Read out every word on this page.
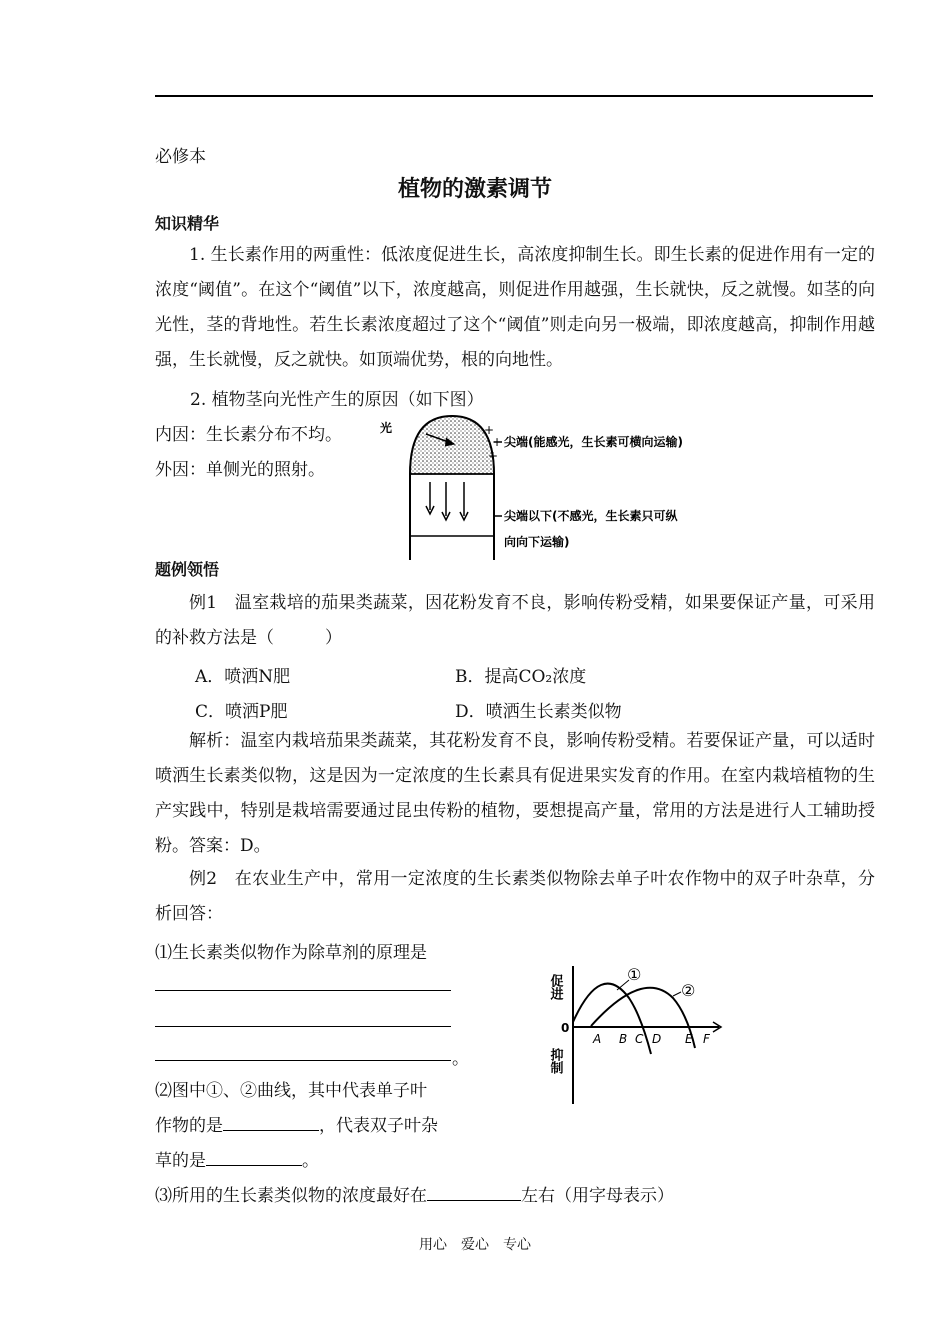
必修本
植物的激素调节
知识精华
1. 生长素作用的两重性：低浓度促进生长，高浓度抑制生长。即生长素的促进作用有一定的浓度“阈值”。在这个“阈值”以下，浓度越高，则促进作用越强，生长就快，反之就慢。如茎的向光性，茎的背地性。若生长素浓度超过了这个“阈值”则走向另一极端，即浓度越高，抑制作用越强，生长就慢，反之就快。如顶端优势，根的向地性。
2. 植物茎向光性产生的原因（如下图）
内因：生长素分布不均。
外因：单侧光的照射。
光	+
+
+
尖端(能感光，生长素可横向运输)
尖端以下(不感光，生长素只可纵
向向下运输)
题例领悟
例1　温室栽培的茄果类蔬菜，因花粉发育不良，影响传粉受精，如果要保证产量，可采用的补救方法是（　　　）
A．喷洒N肥	B．提高CO₂浓度
C．喷洒P肥	D．喷洒生长素类似物
解析：温室内栽培茄果类蔬菜，其花粉发育不良，影响传粉受精。若要保证产量，可以适时喷洒生长素类似物，这是因为一定浓度的生长素具有促进果实发育的作用。在室内栽培植物的生产实践中，特别是栽培需要通过昆虫传粉的植物，要想提高产量，常用的方法是进行人工辅助授粉。答案：D。
例2　在农业生产中，常用一定浓度的生长素类似物除去单子叶农作物中的双子叶杂草，分析回答：
⑴生长素类似物作为除草剂的原理是
。
⑵图中①、②曲线，其中代表单子叶
作物的是	，代表双子叶杂
草的是	。
⑶所用的生长素类似物的浓度最好在	左右（用字母表示）
促进
抑制
0
①
②
A B C D E F
用心　爱心　专心
